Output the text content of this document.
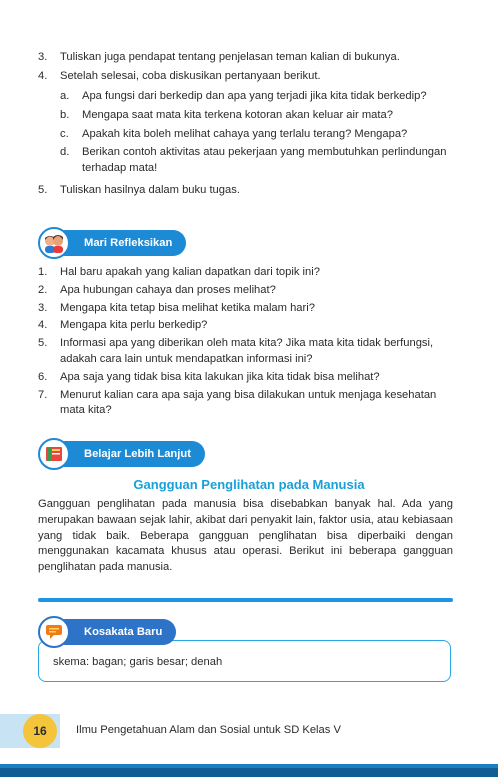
3. Tuliskan juga pendapat tentang penjelasan teman kalian di bukunya.
4. Setelah selesai, coba diskusikan pertanyaan berikut.
a. Apa fungsi dari berkedip dan apa yang terjadi jika kita tidak berkedip?
b. Mengapa saat mata kita terkena kotoran akan keluar air mata?
c. Apakah kita boleh melihat cahaya yang terlalu terang? Mengapa?
d. Berikan contoh aktivitas atau pekerjaan yang membutuhkan perlindungan terhadap mata!
5. Tuliskan hasilnya dalam buku tugas.
Mari Refleksikan
1. Hal baru apakah yang kalian dapatkan dari topik ini?
2. Apa hubungan cahaya dan proses melihat?
3. Mengapa kita tetap bisa melihat ketika malam hari?
4. Mengapa kita perlu berkedip?
5. Informasi apa yang diberikan oleh mata kita? Jika mata kita tidak berfungsi, adakah cara lain untuk mendapatkan informasi ini?
6. Apa saja yang tidak bisa kita lakukan jika kita tidak bisa melihat?
7. Menurut kalian cara apa saja yang bisa dilakukan untuk menjaga kesehatan mata kita?
Belajar Lebih Lanjut
Gangguan Penglihatan pada Manusia
Gangguan penglihatan pada manusia bisa disebabkan banyak hal. Ada yang merupakan bawaan sejak lahir, akibat dari penyakit lain, faktor usia, atau kebiasaan yang tidak baik. Beberapa gangguan penglihatan bisa diperbaiki dengan menggunakan kacamata khusus atau operasi. Berikut ini beberapa gangguan penglihatan pada manusia.
skema: bagan; garis besar; denah
Kosakata Baru
16	Ilmu Pengetahuan Alam dan Sosial untuk SD Kelas V
